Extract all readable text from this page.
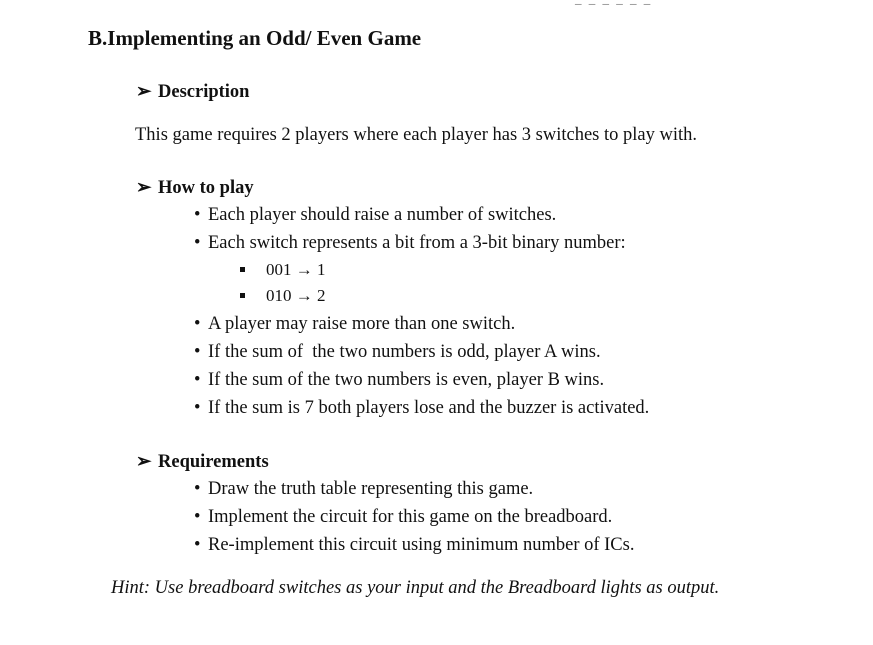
B.Implementing an Odd/ Even Game
➢ Description
This game requires 2 players where each player has 3 switches to play with.
➢ How to play
• Each player should raise a number of switches.
• Each switch represents a bit from a 3-bit binary number:
001 → 1
010 → 2
• A player may raise more than one switch.
• If the sum of  the two numbers is odd, player A wins.
• If the sum of the two numbers is even, player B wins.
• If the sum is 7 both players lose and the buzzer is activated.
➢ Requirements
• Draw the truth table representing this game.
• Implement the circuit for this game on the breadboard.
• Re-implement this circuit using minimum number of ICs.
Hint: Use breadboard switches as your input and the Breadboard lights as output.
